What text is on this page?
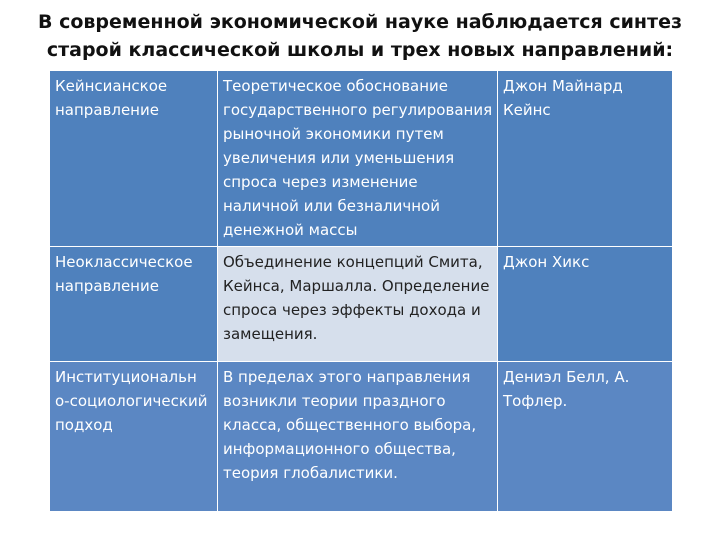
В современной экономической науке наблюдается синтез
старой классической школы и трех новых направлений:
Кейнсианское направление	Теоретическое обоснование государственного регулирования рыночной экономики путем увеличения или уменьшения спроса через изменение наличной или безналичной денежной массы	Джон Майнард Кейнс
Неоклассическое направление	Объединение концепций Смита, Кейнса, Маршалла. Определение спроса через эффекты дохода и замещения.	Джон Хикс
Институциональн о-социологический подход	В пределах этого направления возникли теории праздного класса, общественного выбора, информационного общества, теория глобалистики.	Дениэл Белл, А. Тофлер.
